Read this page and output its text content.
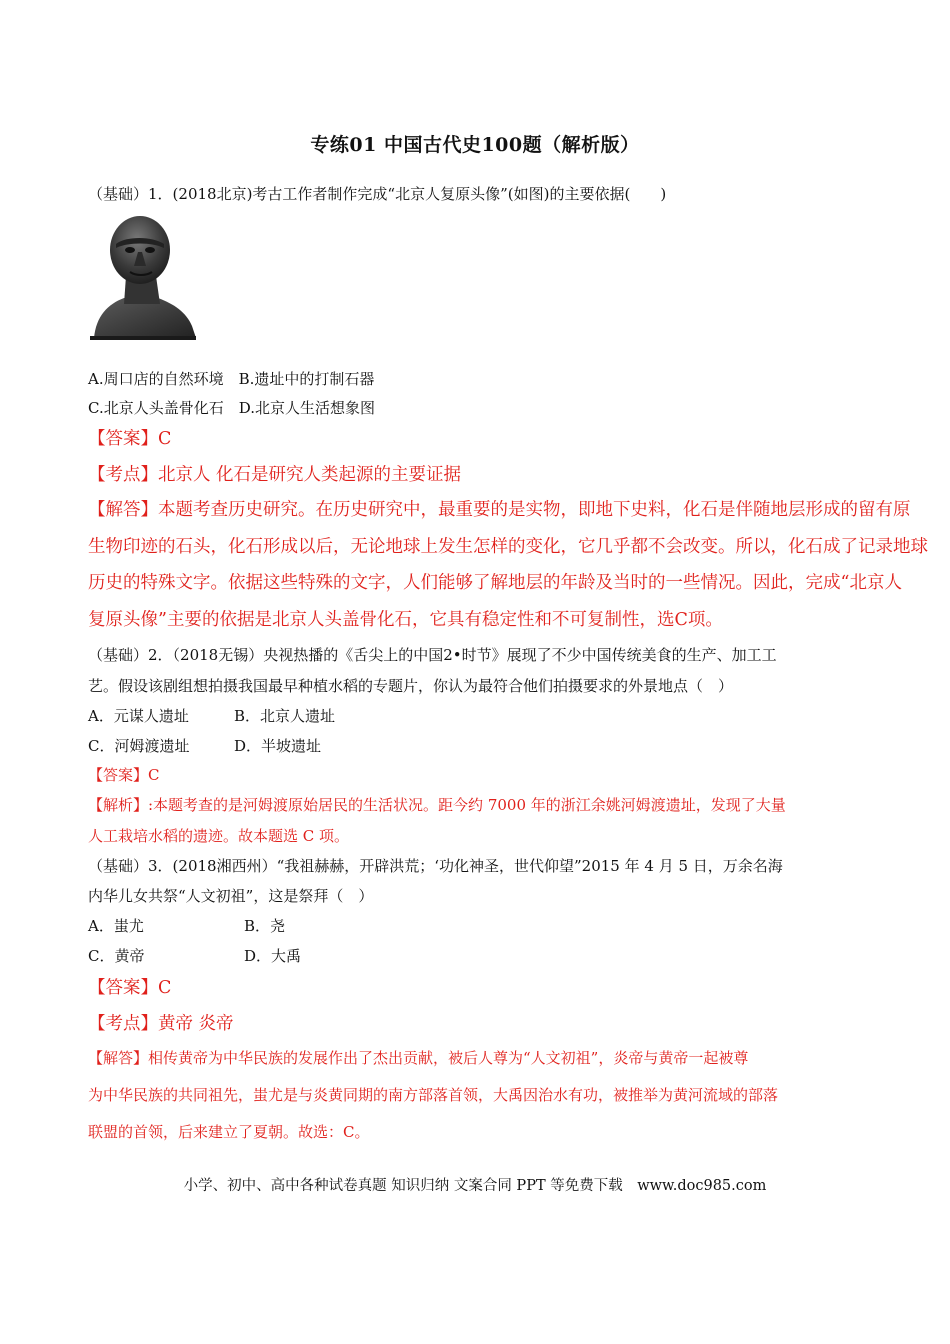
专练01 中国古代史100题（解析版）
（基础）1．(2018北京)考古工作者制作完成“北京人复原头像”(如图)的主要依据(　　)
A.周口店的自然环境　B.遗址中的打制石器
C.北京人头盖骨化石　D.北京人生活想象图
【答案】C
【考点】北京人 化石是研究人类起源的主要证据
【解答】本题考查历史研究。在历史研究中，最重要的是实物，即地下史料，化石是伴随地层形成的留有原
生物印迹的石头，化石形成以后，无论地球上发生怎样的变化，它几乎都不会改变。所以，化石成了记录地球
历史的特殊文字。依据这些特殊的文字，人们能够了解地层的年龄及当时的一些情况。因此，完成“北京人
复原头像”主要的依据是北京人头盖骨化石，它具有稳定性和不可复制性，选C项。
（基础）2．（2018无锡）央视热播的《舌尖上的中国2•时节》展现了不少中国传统美食的生产、加工工
艺。假设该剧组想拍摄我国最早种植水稻的专题片，你认为最符合他们拍摄要求的外景地点（　）
A．元谋人遗址	B．北京人遗址
C．河姆渡遗址	D．半坡遗址
【答案】C
【解析】:本题考查的是河姆渡原始居民的生活状况。距今约 7000 年的浙江余姚河姆渡遗址，发现了大量
人工栽培水稻的遗迹。故本题选 C 项。
（基础）3．(2018湘西州）“我祖赫赫，开辟洪荒；‘功化神圣，世代仰望”2015 年 4 月 5 日，万余名海
内华儿女共祭“人文初祖”，这是祭拜（　）
A．蚩尤	B．尧
C．黄帝	D．大禹
【答案】C
【考点】黄帝 炎帝
【解答】相传黄帝为中华民族的发展作出了杰出贡献，被后人尊为“人文初祖”，炎帝与黄帝一起被尊
为中华民族的共同祖先，蚩尤是与炎黄同期的南方部落首领，大禹因治水有功，被推举为黄河流域的部落
联盟的首领，后来建立了夏朝。故选：C。
小学、初中、高中各种试卷真题 知识归纳 文案合同 PPT 等免费下载　www.doc985.com
